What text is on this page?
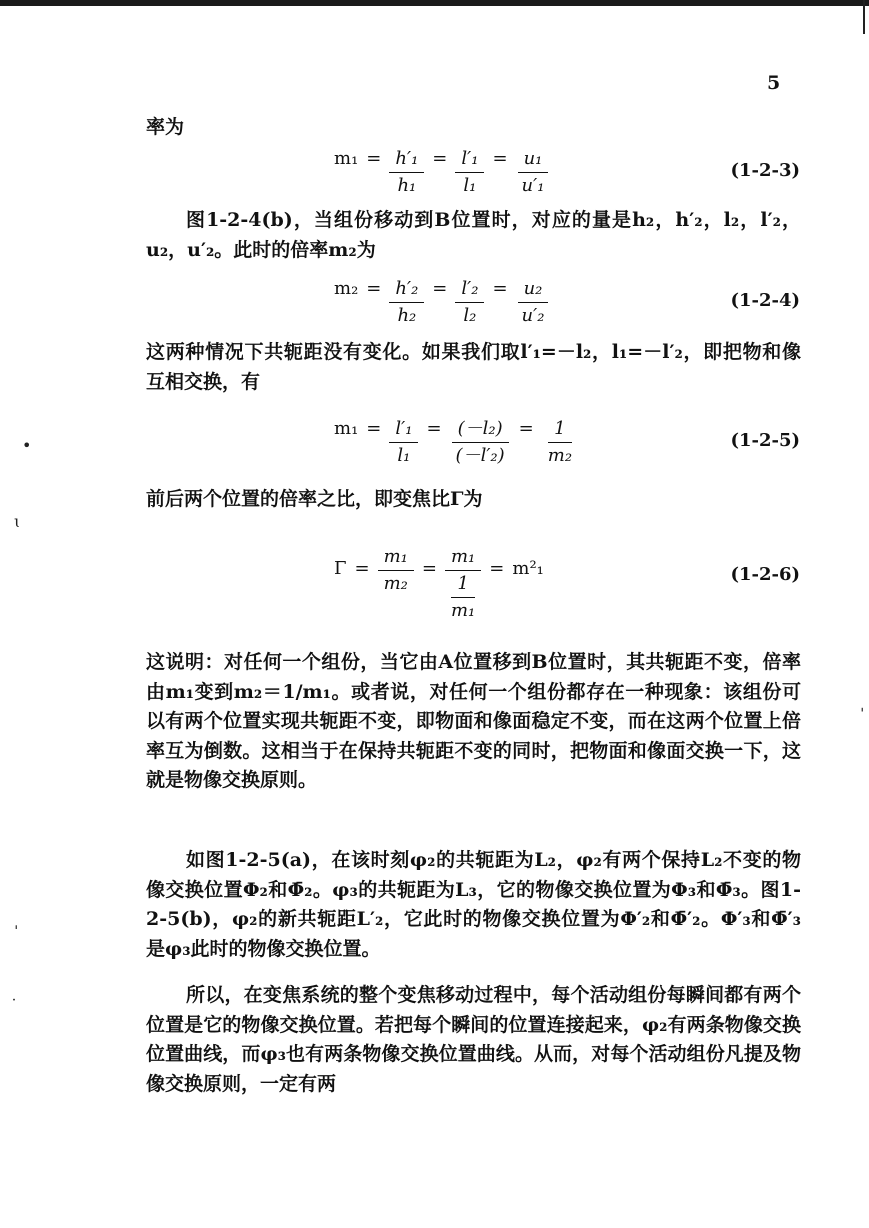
5
率为
$m_1 = \frac{\text{h′₁}}{\text{h₁}} = \frac{\text{l′₁}}{\text{l₁}} = \frac{\text{u₁}}{\text{u′₁}}$	(1-2-3)

图1-2-4(b)，当组份移动到B位置时，对应的量是h₂，h′₂，l₂，l′₂，u₂，u′₂。此时的倍率m₂为

$m_2 = \frac{\text{h′₂}}{\text{h₂}} = \frac{\text{l′₂}}{\text{l₂}} = \frac{\text{u₂}}{\text{u′₂}}$	(1-2-4)

这两种情况下共轭距没有变化。如果我们取l′₁=－l₂，l₁=－l′₂，即把物和像互相交换，有

$m_1 = \frac{\text{l′₁}}{\text{l₁}} = \frac{\text{(－l₂)}}{\text{(－l′₂)}} = \frac{1}{\text{m₂}}$	(1-2-5)
前后两个位置的倍率之比，即变焦比Γ为
$\Gamma = \frac{\text{m₁}}{\text{m₂}} = \frac{\text{m₁}}{\frac{1}{\text{m₁}}} = m^2_1$	(1-2-6)

这说明：对任何一个组份，当它由A位置移到B位置时，其共轭距不变，倍率由m₁变到m₂＝1/m₁。或者说，对任何一个组份都存在一种现象：该组份可以有两个位置实现共轭距不变，即物面和像面稳定不变，而在这两个位置上倍率互为倒数。这相当于在保持共轭距不变的同时，把物面和像面交换一下，这就是物像交换原则。

如图1-2-5(a)，在该时刻φ₂的共轭距为L₂，φ₂有两个保持L₂不变的物像交换位置Φ₂和Φ̄₂。φ₃的共轭距为L₃，它的物像交换位置为Φ₃和Φ̄₃。图1-2-5(b)，φ₂的新共轭距L′₂，它此时的物像交换位置为Φ′₂和Φ̄′₂。Φ′₃和Φ̄′₃是φ₃此时的物像交换位置。

所以，在变焦系统的整个变焦移动过程中，每个活动组份每瞬间都有两个位置是它的物像交换位置。若把每个瞬间的位置连接起来，φ₂有两条物像交换位置曲线，而φ₃也有两条物像交换位置曲线。从而，对每个活动组份凡提及物像交换原则，一定有两

•
ɩ
ˌ
˙
ˈ
